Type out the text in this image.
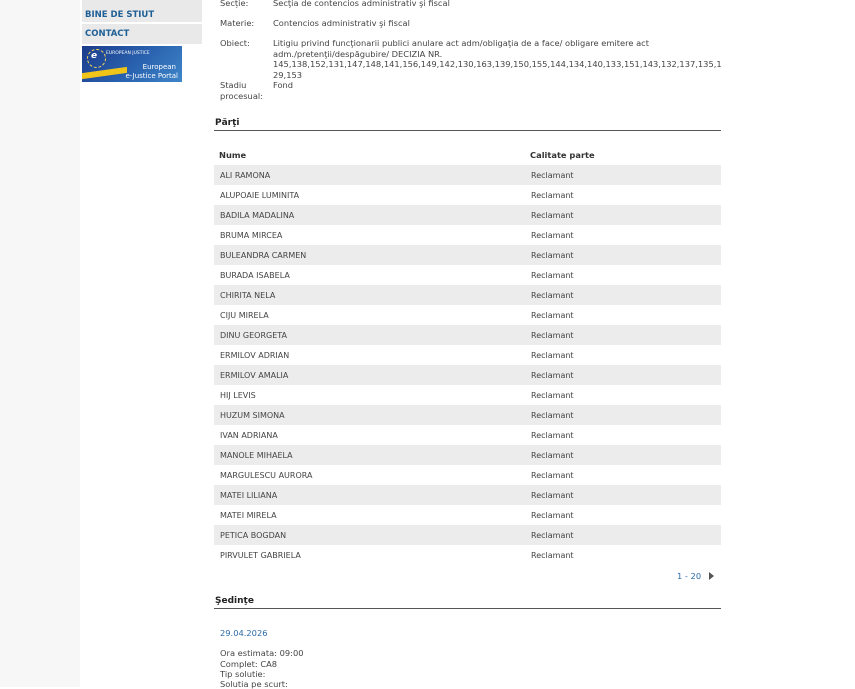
BINE DE STIUT
CONTACT
e EUROPEAN JUSTICE
European
e-Justice Portal
Secție:	Secţia de contencios administrativ şi fiscal
Materie:	Contencios administrativ şi fiscal
Obiect:	Litigiu privind funcţionarii publici anulare act adm/obligaţia de a face/ obligare emitere act adm./pretenţii/despăgubire/ DECIZIA NR. 145,138,152,131,147,148,141,156,149,142,130,163,139,150,155,144,134,140,133,151,143,132,137,135,129,153
Stadiu
procesual:
Fond
Părţi
Nume	Calitate parte
ALI RAMONA	Reclamant
ALUPOAIE LUMINITA	Reclamant
BADILA MADALINA	Reclamant
BRUMA MIRCEA	Reclamant
BULEANDRA CARMEN	Reclamant
BURADA ISABELA	Reclamant
CHIRITA NELA	Reclamant
CIJU MIRELA	Reclamant
DINU GEORGETA	Reclamant
ERMILOV ADRIAN	Reclamant
ERMILOV AMALIA	Reclamant
HIJ LEVIS	Reclamant
HUZUM SIMONA	Reclamant
IVAN ADRIANA	Reclamant
MANOLE MIHAELA	Reclamant
MARGULESCU AURORA	Reclamant
MATEI LILIANA	Reclamant
MATEI MIRELA	Reclamant
PETICA BOGDAN	Reclamant
PIRVULET GABRIELA	Reclamant
1 - 20
Şedinţe
29.04.2026
Ora estimata: 09:00
Complet: CA8
Tip solutie:
Solutia pe scurt:
